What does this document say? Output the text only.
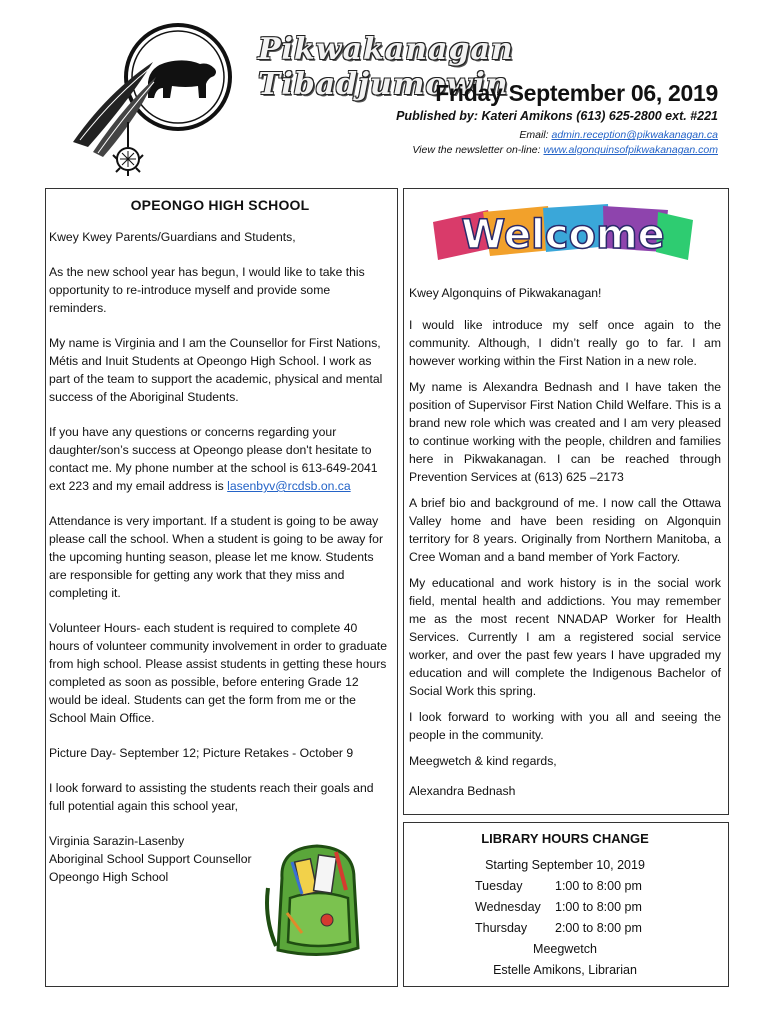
Pikwakanagan Tibadjumowin
Friday September 06, 2019
Published by: Kateri Amikons (613) 625-2800 ext. #221
Email: admin.reception@pikwakanagan.ca
View the newsletter on-line: www.algonquinsofpikwakanagan.com
OPEONGO HIGH SCHOOL

Kwey Kwey Parents/Guardians and Students,

As the new school year has begun, I would like to take this opportunity to re-introduce myself and provide some reminders.

My name is Virginia and I am the Counsellor for First Nations, Métis and Inuit Students at Opeongo High School. I work as part of the team to support the academic, physical and mental success of the Aboriginal Students.

If you have any questions or concerns regarding your daughter/son’s success at Opeongo please don't hesitate to contact me. My phone number at the school is 613-649-2041 ext 223 and my email address is lasenbyv@rcdsb.on.ca

Attendance is very important. If a student is going to be away please call the school. When a student is going to be away for the upcoming hunting season, please let me know. Students are responsible for getting any work that they miss and completing it.

Volunteer Hours- each student is required to complete 40 hours of volunteer community involvement in order to graduate from high school. Please assist students in getting these hours completed as soon as possible, before entering Grade 12 would be ideal. Students can get the form from me or the School Main Office.

Picture Day- September 12; Picture Retakes - October 9

I look forward to assisting the students reach their goals and full potential again this school year,

Virginia Sarazin-Lasenby
Aboriginal School Support Counsellor
Opeongo High School
Welcome

Kwey Algonquins of Pikwakanagan!

I would like introduce my self once again to the community. Although, I didn’t really go to far. I am however working within the First Nation in a new role.

My name is Alexandra Bednash and I have taken the position of Supervisor First Nation Child Welfare. This is a brand new role which was created and I am very pleased to continue working with the people, children and families here in Pikwakanagan. I can be reached through Prevention Services at (613) 625 –2173

A brief bio and background of me. I now call the Ottawa Valley home and have been residing on Algonquin territory for 8 years. Originally from Northern Manitoba, a Cree Woman and a band member of York Factory.

My educational and work history is in the social work field, mental health and addictions. You may remember me as the most recent NNADAP Worker for Health Services. Currently I am a registered social service worker, and over the past few years I have upgraded my education and will complete the Indigenous Bachelor of Social Work this spring.

I look forward to working with you all and seeing the people in the community.

Meegwetch & kind regards,

Alexandra Bednash

LIBRARY HOURS CHANGE
Starting September 10, 2019
Tuesday	1:00 to 8:00 pm
Wednesday	1:00 to 8:00 pm
Thursday	2:00 to 8:00 pm
Meegwetch
Estelle Amikons, Librarian
